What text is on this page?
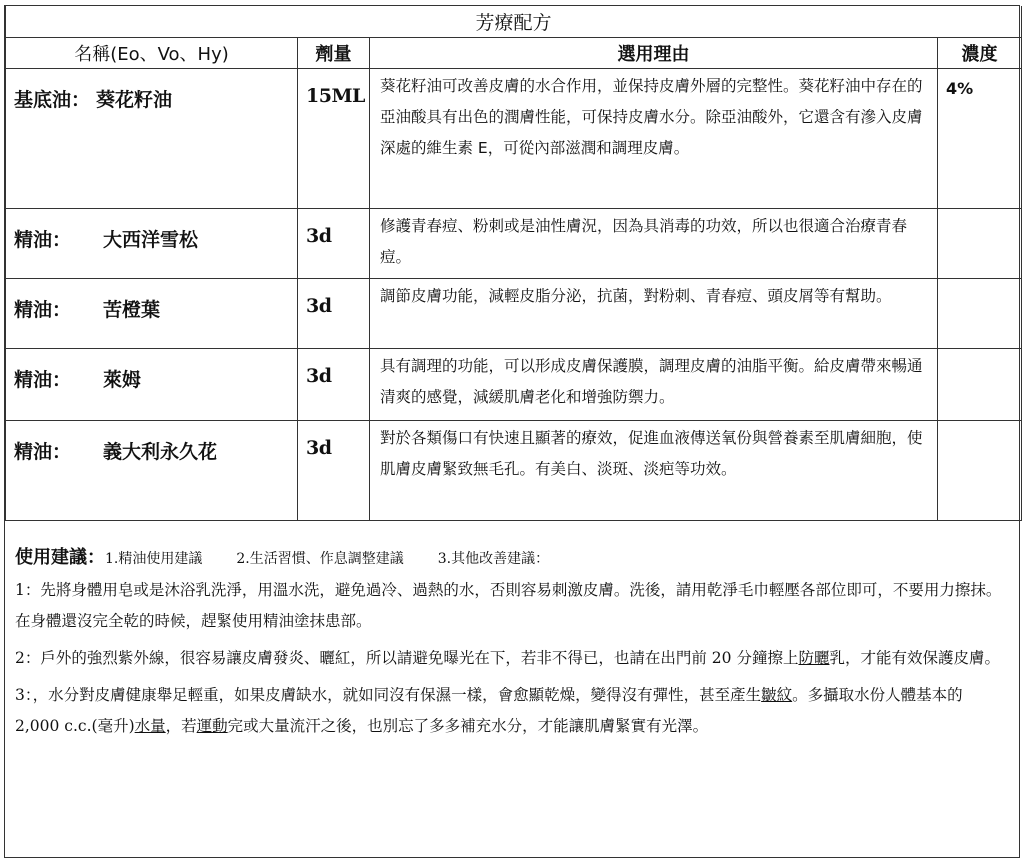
芳療配方			
名稱(Eo、Vo、Hy)	劑量	選用理由	濃度
基底油： 葵花籽油	15ML	葵花籽油可改善皮膚的水合作用，並保持皮膚外層的完整性。葵花籽油中存在的亞油酸具有出色的潤膚性能，可保持皮膚水分。除亞油酸外，它還含有滲入皮膚深處的維生素 E，可從內部滋潤和調理皮膚。	4%
精油： 大西洋雪松	3d	修護青春痘、粉刺或是油性膚況，因為具消毒的功效，所以也很適合治療青春痘。	
精油： 苦橙葉	3d	調節皮膚功能，減輕皮脂分泌，抗菌，對粉刺、青春痘、頭皮屑等有幫助。	
精油： 萊姆	3d	具有調理的功能，可以形成皮膚保護膜，調理皮膚的油脂平衡。給皮膚帶來暢通清爽的感覺，減緩肌膚老化和增強防禦力。	
精油： 義大利永久花	3d	對於各類傷口有快速且顯著的療效，促進血液傳送氧份與營養素至肌膚細胞，使肌膚皮膚緊致無毛孔。有美白、淡斑、淡疤等功效。	
使用建議：1.精油使用建議 2.生活習慣、作息調整建議 3.其他改善建議：
1：先將身體用皂或是沐浴乳洗淨，用溫水洗，避免過冷、過熱的水，否則容易刺激皮膚。洗後，請用乾淨毛巾輕壓各部位即可，不要用力擦抹。在身體還沒完全乾的時候，趕緊使用精油塗抹患部。
2：戶外的強烈紫外線，很容易讓皮膚發炎、曬紅，所以請避免曝光在下，若非不得已，也請在出門前 20 分鐘擦上防曬乳，才能有效保護皮膚。
3：，水分對皮膚健康舉足輕重，如果皮膚缺水，就如同沒有保濕一樣，會愈顯乾燥，變得沒有彈性，甚至產生皺紋。多攝取水份人體基本的 2,000 c.c.(毫升)水量，若運動完或大量流汗之後，也別忘了多多補充水分，才能讓肌膚緊實有光澤。
